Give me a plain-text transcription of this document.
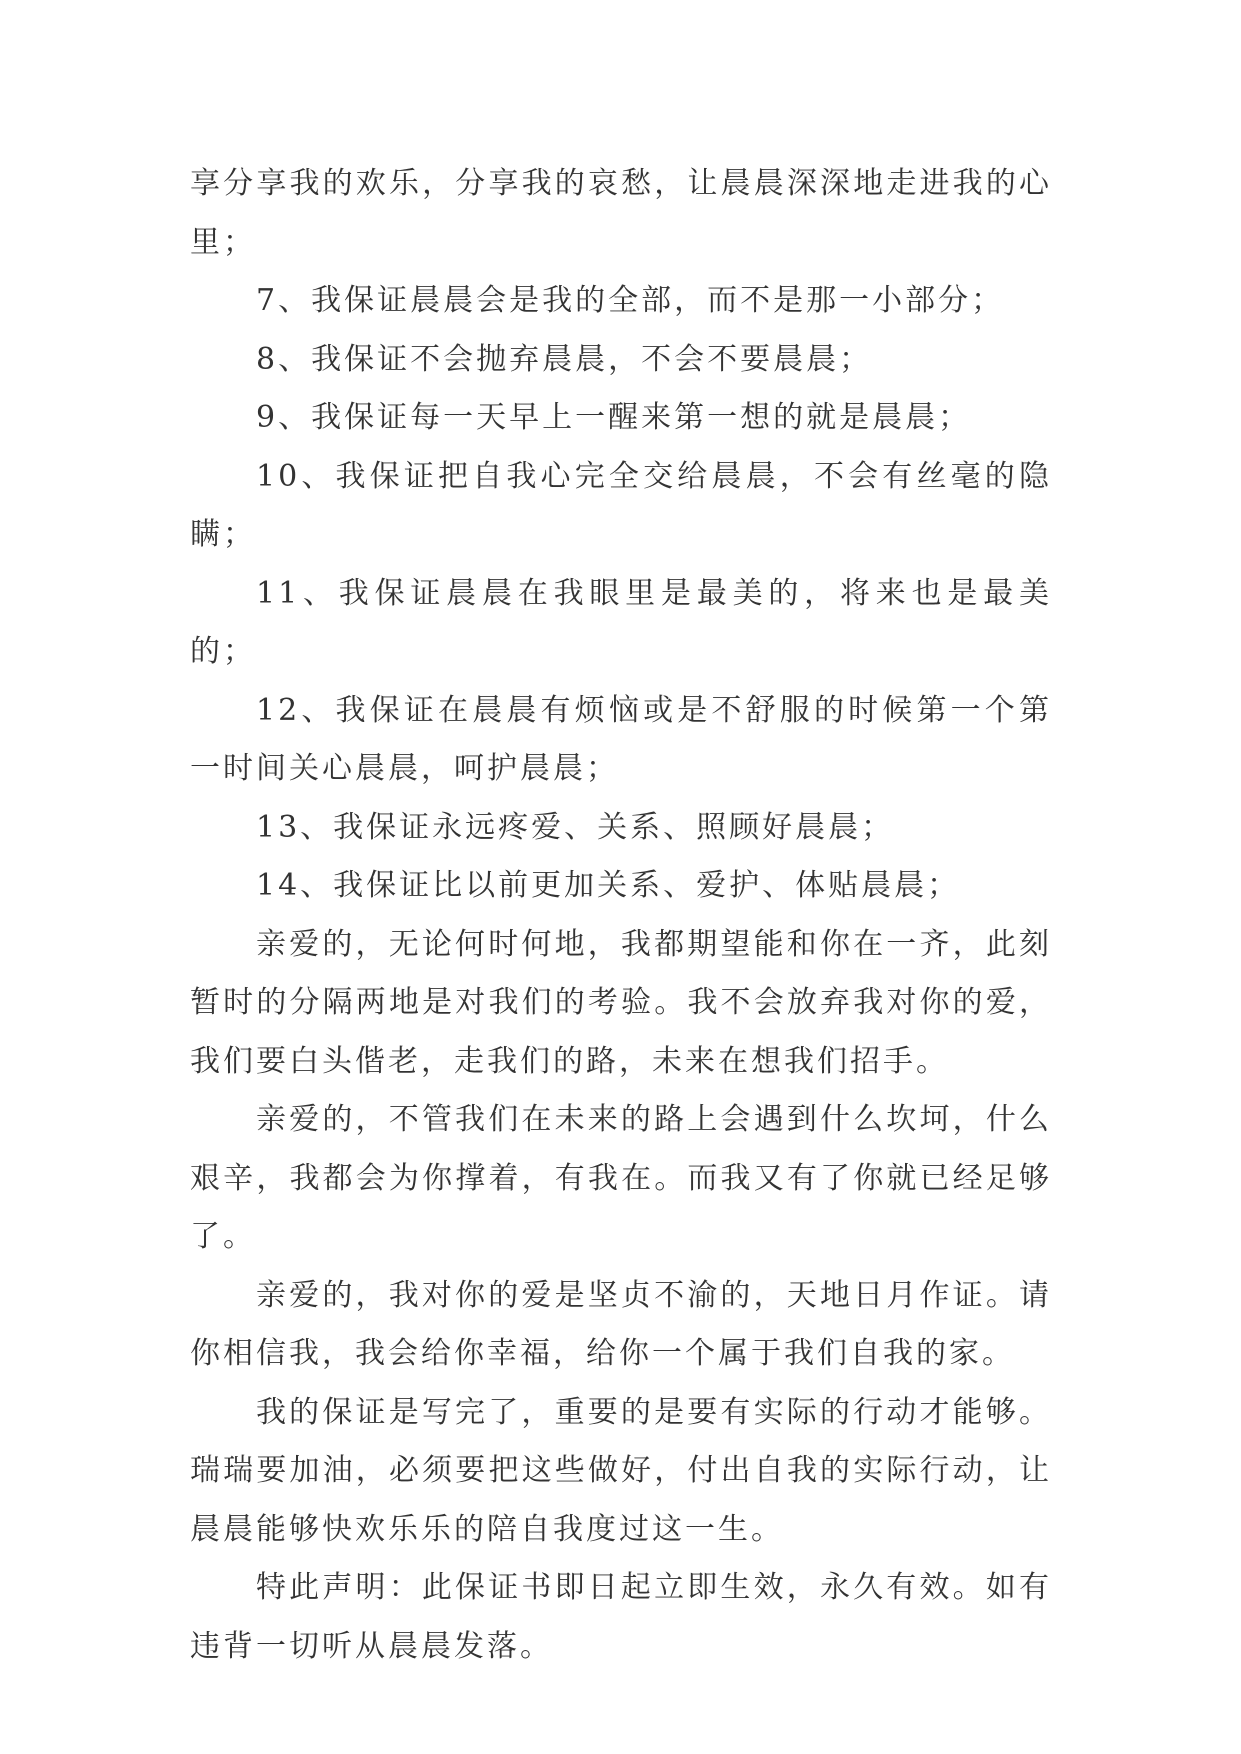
享分享我的欢乐，分享我的哀愁，让晨晨深深地走进我的心里；

7、我保证晨晨会是我的全部，而不是那一小部分；

8、我保证不会抛弃晨晨，不会不要晨晨；

9、我保证每一天早上一醒来第一想的就是晨晨；

10、我保证把自我心完全交给晨晨，不会有丝毫的隐瞒；

11、我保证晨晨在我眼里是最美的，将来也是最美的；

12、我保证在晨晨有烦恼或是不舒服的时候第一个第一时间关心晨晨，呵护晨晨；

13、我保证永远疼爱、关系、照顾好晨晨；

14、我保证比以前更加关系、爱护、体贴晨晨；

亲爱的，无论何时何地，我都期望能和你在一齐，此刻暂时的分隔两地是对我们的考验。我不会放弃我对你的爱，我们要白头偕老，走我们的路，未来在想我们招手。

亲爱的，不管我们在未来的路上会遇到什么坎坷，什么艰辛，我都会为你撑着，有我在。而我又有了你就已经足够了。

亲爱的，我对你的爱是坚贞不渝的，天地日月作证。请你相信我，我会给你幸福，给你一个属于我们自我的家。

我的保证是写完了，重要的是要有实际的行动才能够。瑞瑞要加油，必须要把这些做好，付出自我的实际行动，让晨晨能够快欢乐乐的陪自我度过这一生。

特此声明：此保证书即日起立即生效，永久有效。如有违背一切听从晨晨发落。
